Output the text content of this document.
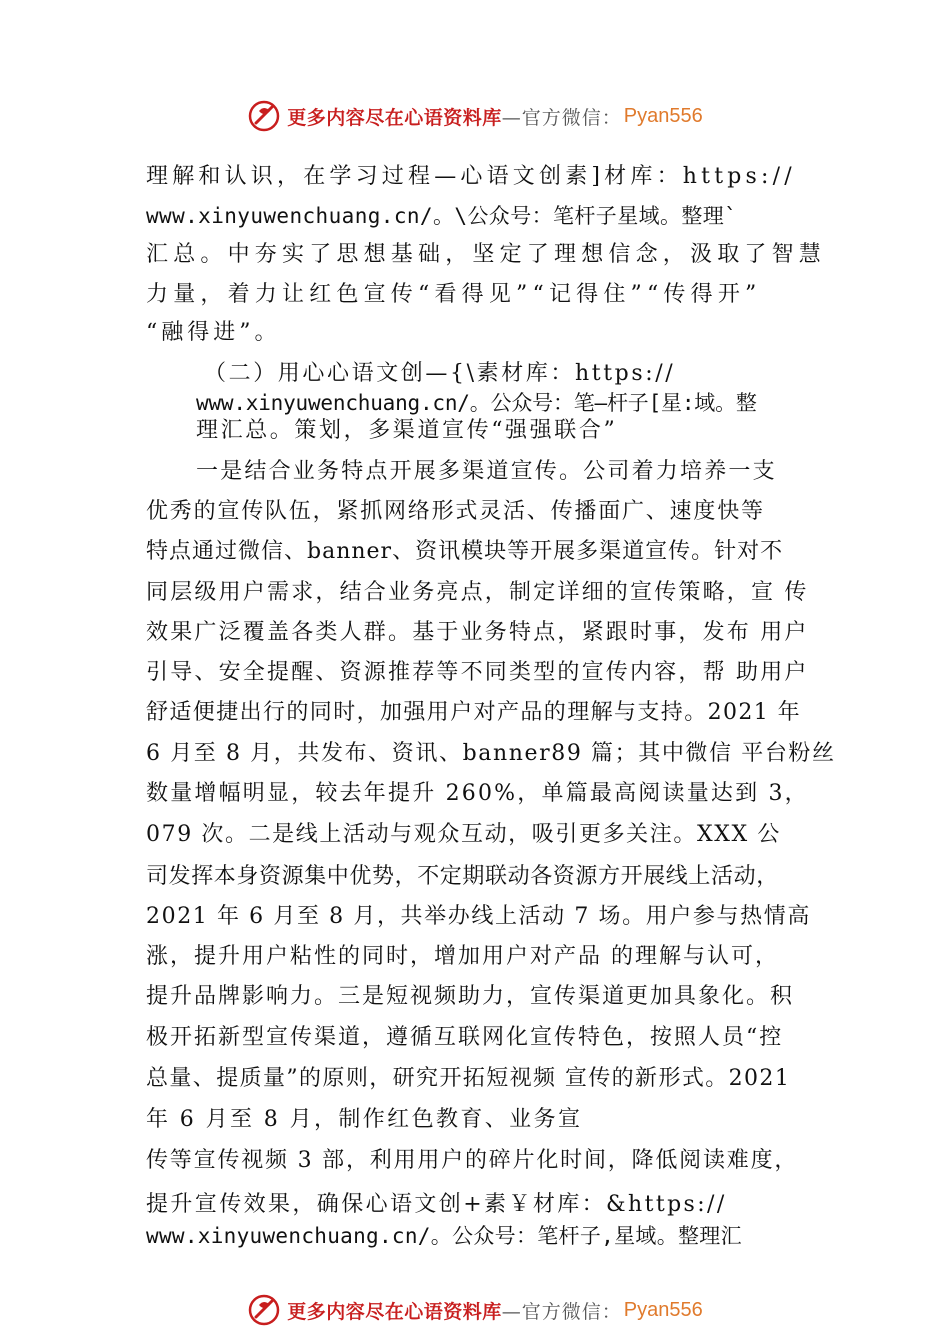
更多内容尽在心语资料库 —官方微信： Pyan556
理解和认识，在学习过程—心语文创素]材库：https://
www.xinyuwenchuang.cn/。\公众号：笔杆子星域。整理`
汇总。中夯实了思想基础，坚定了理想信念，汲取了智慧
力量，着力让红色宣传“看得见”“记得住”“传得开”
“融得进”。
（二）用心心语文创—{\素材库：https://
www.xinyuwenchuang.cn/。公众号：笔—杆子[星:域。整
理汇总。策划，多渠道宣传“强强联合”
一是结合业务特点开展多渠道宣传。公司着力培养一支
优秀的宣传队伍，紧抓网络形式灵活、传播面广、速度快等
特点通过微信、banner、资讯模块等开展多渠道宣传。针对不
同层级用户需求，结合业务亮点，制定详细的宣传策略，宣 传
效果广泛覆盖各类人群。基于业务特点，紧跟时事，发布 用户
引导、安全提醒、资源推荐等不同类型的宣传内容，帮 助用户
舒适便捷出行的同时，加强用户对产品的理解与支持。2021 年
6 月至 8 月，共发布、资讯、banner89 篇；其中微信 平台粉丝
数量增幅明显，较去年提升 260%，单篇最高阅读量达到 3，
079 次。二是线上活动与观众互动，吸引更多关注。XXX 公
司发挥本身资源集中优势，不定期联动各资源方开展线上活动，
2021 年 6 月至 8 月，共举办线上活动 7 场。用户参与热情高
涨，提升用户粘性的同时，增加用户对产品 的理解与认可，
提升品牌影响力。三是短视频助力，宣传渠道更加具象化。积
极开拓新型宣传渠道，遵循互联网化宣传特色，按照人员“控
总量、提质量”的原则，研究开拓短视频 宣传的新形式。2021
年 6 月至 8 月，制作红色教育、业务宣
传等宣传视频 3 部，利用用户的碎片化时间，降低阅读难度，
提升宣传效果，确保心语文创+素￥材库：&https://
www.xinyuwenchuang.cn/。公众号：笔杆子,星域。整理汇
更多内容尽在心语资料库 —官方微信： Pyan556
